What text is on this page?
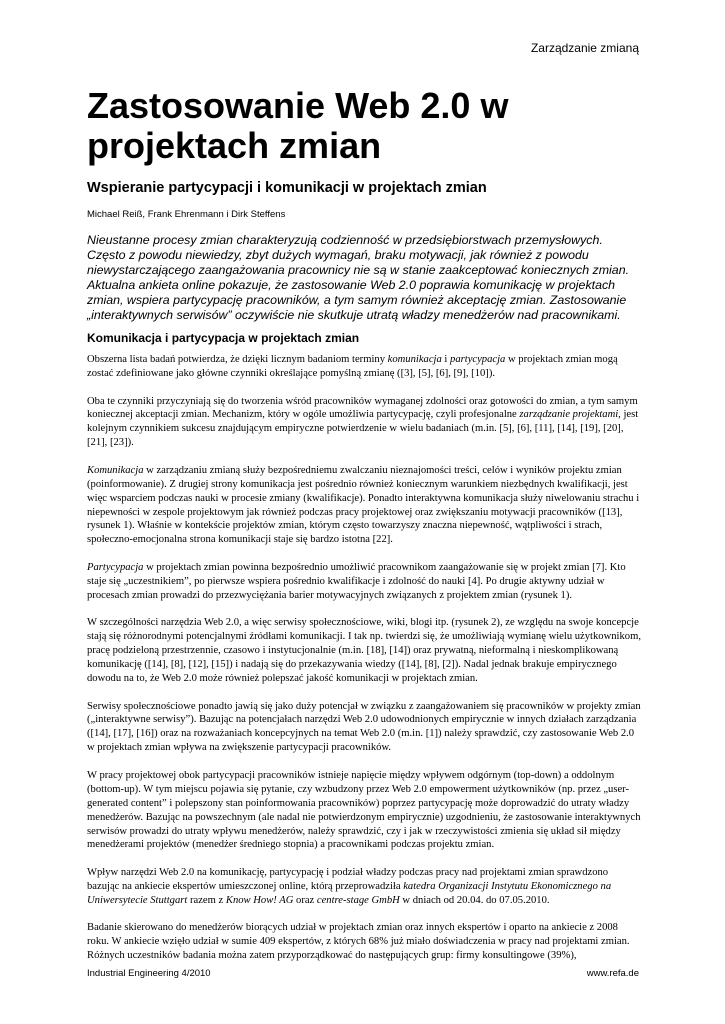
Zarządzanie zmianą
Zastosowanie Web 2.0 w projektach zmian
Wspieranie partycypacji i komunikacji w projektach zmian
Michael Reiß, Frank Ehrenmann i Dirk Steffens

Nieustanne procesy zmian charakteryzują codzienność w przedsiębiorstwach przemysłowych. Często z powodu niewiedzy, zbyt dużych wymagań, braku motywacji, jak również z powodu niewystarczającego zaangażowania pracownicy nie są w stanie zaakceptować koniecznych zmian. Aktualna ankieta online pokazuje, że zastosowanie Web 2.0 poprawia komunikację w projektach zmian, wspiera partycypację pracowników, a tym samym również akceptację zmian. Zastosowanie „interaktywnych serwisów” oczywiście nie skutkuje utratą władzy menedżerów nad pracownikami.

Komunikacja i partycypacja w projektach zmian

Obszerna lista badań potwierdza, że dzięki licznym badaniom terminy komunikacja i partycypacja w projektach zmian mogą zostać zdefiniowane jako główne czynniki określające pomyślną zmianę ([3], [5], [6], [9], [10]).

Oba te czynniki przyczyniają się do tworzenia wśród pracowników wymaganej zdolności oraz gotowości do zmian, a tym samym koniecznej akceptacji zmian. Mechanizm, który w ogóle umożliwia partycypację, czyli profesjonalne zarządzanie projektami, jest kolejnym czynnikiem sukcesu znajdującym empiryczne potwierdzenie w wielu badaniach (m.in. [5], [6], [11], [14], [19], [20], [21], [23]).

Komunikacja w zarządzaniu zmianą służy bezpośredniemu zwalczaniu nieznajomości treści, celów i wyników projektu zmian (poinformowanie). Z drugiej strony komunikacja jest pośrednio również koniecznym warunkiem niezbędnych kwalifikacji, jest więc wsparciem podczas nauki w procesie zmiany (kwalifikacje). Ponadto interaktywna komunikacja służy niwelowaniu strachu i niepewności w zespole projektowym jak również podczas pracy projektowej oraz zwiększaniu motywacji pracowników ([13], rysunek 1). Właśnie w kontekście projektów zmian, którym często towarzyszy znaczna niepewność, wątpliwości i strach, społeczno-emocjonalna strona komunikacji staje się bardzo istotna [22].

Partycypacja w projektach zmian powinna bezpośrednio umożliwić pracownikom zaangażowanie się w projekt zmian [7]. Kto staje się „uczestnikiem”, po pierwsze wspiera pośrednio kwalifikacje i zdolność do nauki [4]. Po drugie aktywny udział w procesach zmian prowadzi do przezwyciężania barier motywacyjnych związanych z projektem zmian (rysunek 1).

W szczególności narzędzia Web 2.0, a więc serwisy społecznościowe, wiki, blogi itp. (rysunek 2), ze względu na swoje koncepcje stają się różnorodnymi potencjalnymi źródłami komunikacji. I tak np. twierdzi się, że umożliwiają wymianę wielu użytkownikom, pracę podzieloną przestrzennie, czasowo i instytucjonalnie (m.in. [18], [14]) oraz prywatną, nieformalną i nieskomplikowaną komunikację ([14], [8], [12], [15]) i nadają się do przekazywania wiedzy ([14], [8], [2]). Nadal jednak brakuje empirycznego dowodu na to, że Web 2.0 może również polepszać jakość komunikacji w projektach zmian.

Serwisy społecznościowe ponadto jawią się jako duży potencjał w związku z zaangażowaniem się pracowników w projekty zmian („interaktywne serwisy”). Bazując na potencjałach narzędzi Web 2.0 udowodnionych empirycznie w innych działach zarządzania ([14], [17], [16]) oraz na rozważaniach koncepcyjnych na temat Web 2.0 (m.in. [1]) należy sprawdzić, czy zastosowanie Web 2.0 w projektach zmian wpływa na zwiększenie partycypacji pracowników.

W pracy projektowej obok partycypacji pracowników istnieje napięcie między wpływem odgórnym (top-down) a oddolnym (bottom-up). W tym miejscu pojawia się pytanie, czy wzbudzony przez Web 2.0 empowerment użytkowników (np. przez „user-generated content” i polepszony stan poinformowania pracowników) poprzez partycypację może doprowadzić do utraty władzy menedżerów. Bazując na powszechnym (ale nadal nie potwierdzonym empirycznie) uzgodnieniu, że zastosowanie interaktywnych serwisów prowadzi do utraty wpływu menedżerów, należy sprawdzić, czy i jak w rzeczywistości zmienia się układ sił między menedżerami projektów (menedżer średniego stopnia) a pracownikami podczas projektu zmian.

Wpływ narzędzi Web 2.0 na komunikację, partycypację i podział władzy podczas pracy nad projektami zmian sprawdzono bazując na ankiecie ekspertów umieszczonej online, którą przeprowadziła katedra Organizacji Instytutu Ekonomicznego na Uniwersytecie Stuttgart razem z Know How! AG oraz centre-stage GmbH w dniach od 20.04. do 07.05.2010.

Badanie skierowano do menedżerów biorących udział w projektach zmian oraz innych ekspertów i oparto na ankiecie z 2008 roku. W ankiecie wzięło udział w sumie 409 ekspertów, z których 68% już miało doświadczenia w pracy nad projektami zmian. Różnych uczestników badania można zatem przyporządkować do następujących grup: firmy konsultingowe (39%),

Industrial Engineering 4/2010	www.refa.de
